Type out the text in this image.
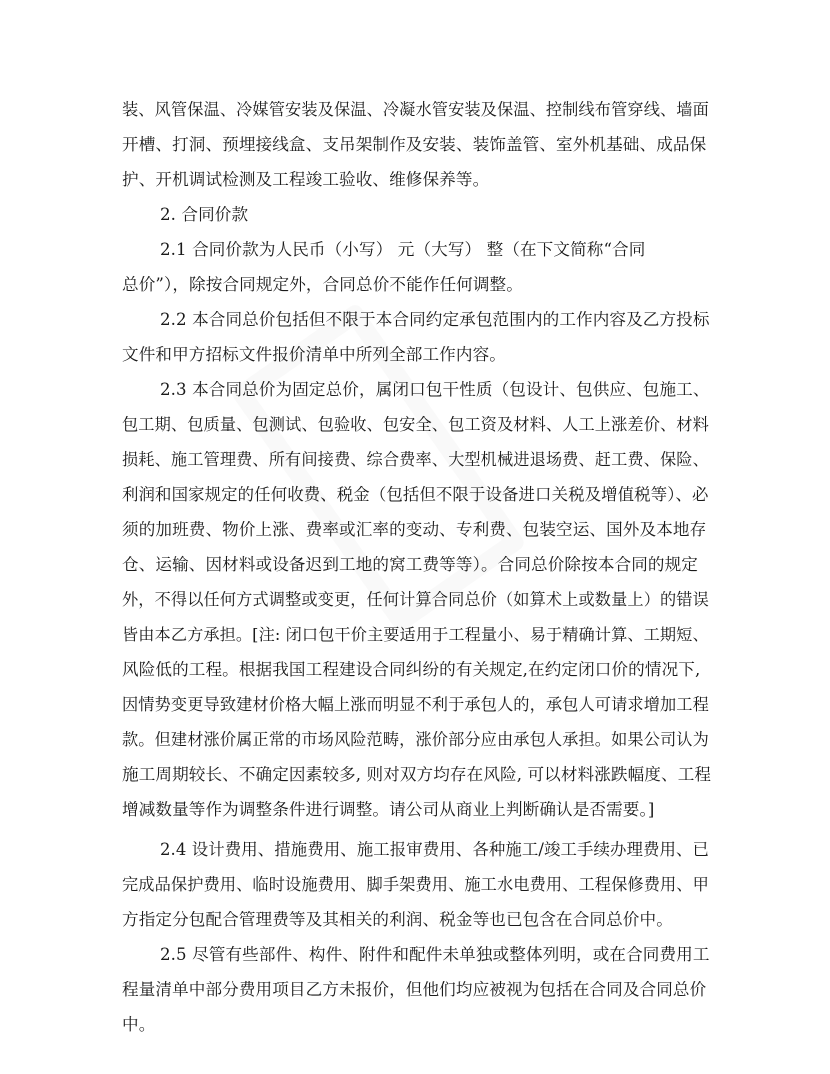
装、风管保温、冷媒管安装及保温、冷凝水管安装及保温、控制线布管穿线、墙面
开槽、打洞、预埋接线盒、支吊架制作及安装、装饰盖管、室外机基础、成品保
护、开机调试检测及工程竣工验收、维修保养等。
2. 合同价款
2.1 合同价款为人民币（小写） 元（大写） 整（在下文简称“合同
总价”），除按合同规定外，合同总价不能作任何调整。
2.2 本合同总价包括但不限于本合同约定承包范围内的工作内容及乙方投标
文件和甲方招标文件报价清单中所列全部工作内容。
2.3 本合同总价为固定总价，属闭口包干性质（包设计、包供应、包施工、
包工期、包质量、包测试、包验收、包安全、包工资及材料、人工上涨差价、材料
损耗、施工管理费、所有间接费、综合费率、大型机械进退场费、赶工费、保险、
利润和国家规定的任何收费、税金（包括但不限于设备进口关税及增值税等）、必
须的加班费、物价上涨、费率或汇率的变动、专利费、包装空运、国外及本地存
仓、运输、因材料或设备迟到工地的窝工费等等）。合同总价除按本合同的规定
外，不得以任何方式调整或变更，任何计算合同总价（如算术上或数量上）的错误
皆由本乙方承担。[注: 闭口包干价主要适用于工程量小、易于精确计算、工期短、
风险低的工程。根据我国工程建设合同纠纷的有关规定,在约定闭口价的情况下,
因情势变更导致建材价格大幅上涨而明显不利于承包人的，承包人可请求增加工程
款。但建材涨价属正常的市场风险范畴，涨价部分应由承包人承担。如果公司认为
施工周期较长、不确定因素较多, 则对双方均存在风险, 可以材料涨跌幅度、工程
增减数量等作为调整条件进行调整。请公司从商业上判断确认是否需要。]
2.4 设计费用、措施费用、施工报审费用、各种施工/竣工手续办理费用、已
完成品保护费用、临时设施费用、脚手架费用、施工水电费用、工程保修费用、甲
方指定分包配合管理费等及其相关的利润、税金等也已包含在合同总价中。
2.5 尽管有些部件、构件、附件和配件未单独或整体列明，或在合同费用工
程量清单中部分费用项目乙方未报价，但他们均应被视为包括在合同及合同总价
中。
